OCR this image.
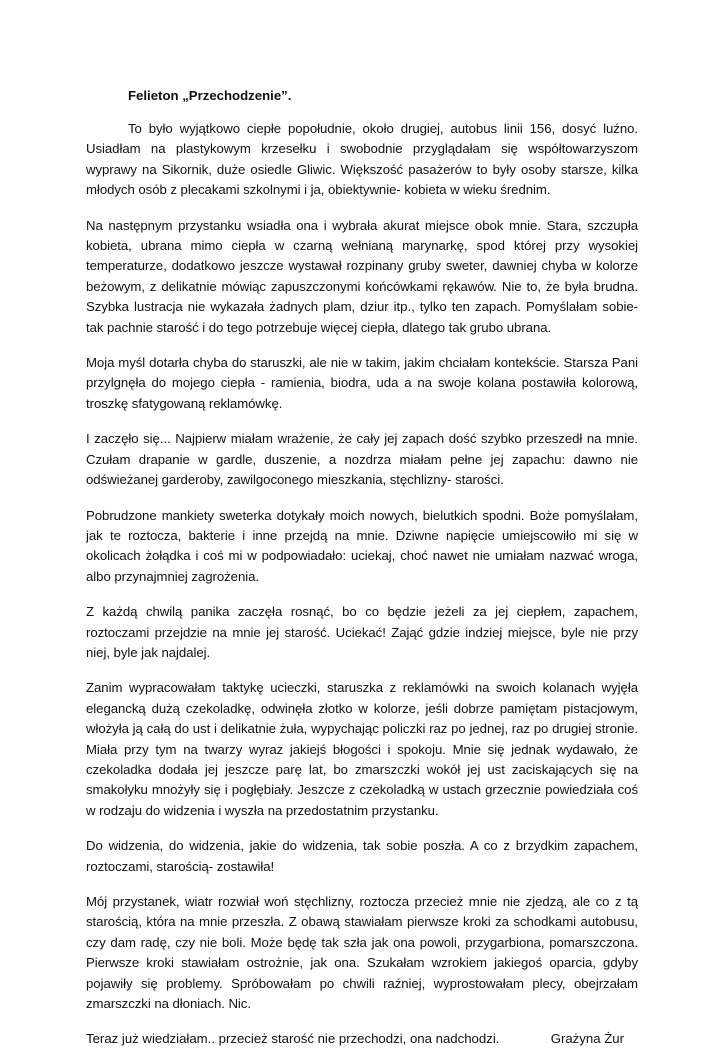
Felieton „Przechodzenie”.

To było wyjątkowo ciepłe popołudnie, około drugiej, autobus linii 156, dosyć luźno. Usiadłam na plastykowym krzesełku i swobodnie przyglądałam się współtowarzyszom wyprawy na Sikornik, duże osiedle Gliwic. Większość pasażerów to były osoby starsze, kilka młodych osób z plecakami szkolnymi i ja, obiektywnie- kobieta w wieku średnim.

Na następnym przystanku wsiadła ona i wybrała akurat miejsce obok mnie. Stara, szczupła kobieta, ubrana mimo ciepła w czarną wełnianą marynarkę, spod której przy wysokiej temperaturze, dodatkowo jeszcze wystawał rozpinany gruby sweter, dawniej chyba w kolorze beżowym, z delikatnie mówiąc zapuszczonymi końcówkami rękawów. Nie to, że była brudna. Szybka lustracja nie wykazała żadnych plam, dziur itp., tylko ten zapach. Pomyślałam sobie- tak pachnie starość i do tego potrzebuje więcej ciepła, dlatego tak grubo ubrana.

Moja myśl dotarła chyba do staruszki, ale nie w takim, jakim chciałam kontekście. Starsza Pani przylgnęła do mojego ciepła - ramienia, biodra, uda a na swoje kolana postawiła kolorową, troszkę sfatygowaną reklamówkę.

I zaczęło się... Najpierw miałam wrażenie, że cały jej zapach dość szybko przeszedł na mnie. Czułam drapanie w gardle, duszenie, a nozdrza miałam pełne jej zapachu: dawno nie odświeżanej garderoby, zawilgoconego mieszkania, stęchlizny- starości.

Pobrudzone mankiety sweterka dotykały moich nowych, bielutkich spodni. Boże pomyślałam, jak te roztocza, bakterie i inne przejdą na mnie. Dziwne napięcie umiejscowiło mi się w okolicach żołądka i coś mi w podpowiadało: uciekaj, choć nawet nie umiałam nazwać wroga, albo przynajmniej zagrożenia.

Z każdą chwilą panika zaczęła rosnąć, bo co będzie jeżeli za jej ciepłem, zapachem, roztoczami przejdzie na mnie jej starość. Uciekać! Zająć gdzie indziej miejsce, byle nie przy niej, byle jak najdalej.

Zanim wypracowałam taktykę ucieczki, staruszka z reklamówki na swoich kolanach wyjęła elegancką dużą czekoladkę, odwinęła złotko w kolorze, jeśli dobrze pamiętam pistacjowym, włożyła ją całą do ust i delikatnie żuła, wypychając policzki raz po jednej, raz po drugiej stronie. Miała przy tym na twarzy wyraz jakiejś błogości i spokoju. Mnie się jednak wydawało, że czekoladka dodała jej jeszcze parę lat, bo zmarszczki wokół jej ust zaciskających się na smakołyku mnożyły się i pogłębiały. Jeszcze z czekoladką w ustach grzecznie powiedziała coś w rodzaju do widzenia i wyszła na przedostatnim przystanku.

Do widzenia, do widzenia, jakie do widzenia, tak sobie poszła. A co z brzydkim zapachem, roztoczami, starością- zostawiła!

Mój przystanek, wiatr rozwiał woń stęchlizny, roztocza przecież mnie nie zjedzą, ale co z tą starością, która na mnie przeszła. Z obawą stawiałam pierwsze kroki za schodkami autobusu, czy dam radę, czy nie boli. Może będę tak szła jak ona powoli, przygarbiona, pomarszczona. Pierwsze kroki stawiałam ostrożnie, jak ona. Szukałam wzrokiem jakiegoś oparcia, gdyby pojawiły się problemy. Spróbowałam po chwili raźniej, wyprostowałam plecy, obejrzałam zmarszczki na dłoniach. Nic.

Teraz już wiedziałam.. przecież starość nie przechodzi, ona nadchodzi.	Grażyna Żur
